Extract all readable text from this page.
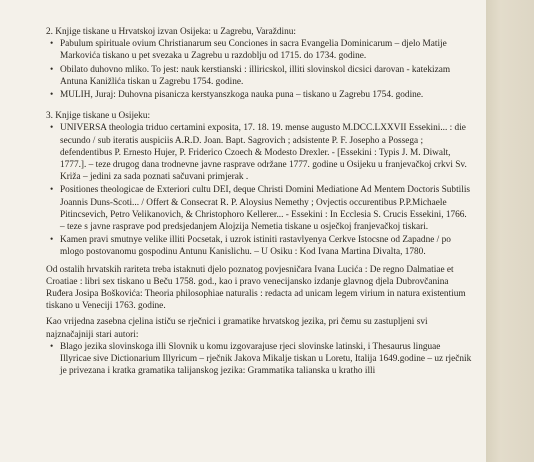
2. Knjige tiskane u Hrvatskoj izvan Osijeka: u Zagrebu, Varaždinu:

• Pabulum spirituale ovium Christianarum seu Conciones in sacra Evangelia Dominicarum – djelo Matije Markovića tiskano u pet svezaka u Zagrebu u razdoblju od 1715. do 1734. godine.
• Obilato duhovno mliko. To jest: nauk kerstianski : illiricskol, illiti slovinskol dicsici darovan - katekizam Antuna Kanižlića tiskan u Zagrebu 1754. godine.
• MULIH, Juraj: Duhovna pisanicza kerstyanszkoga nauka puna – tiskano u Zagrebu 1754. godine.

3. Knjige tiskane u Osijeku:

• UNIVERSA theologia triduo certamini exposita, 17. 18. 19. mense augusto M.DCC.LXXVII Essekini... : die secundo / sub iteratis auspiciis A.R.D. Joan. Bapt. Sagrovich ; adsistente P. F. Josepho a Possega ; defendentibus P. Ernesto Hujer, P. Friderico Czoech & Modesto Drexler. - [Essekini : Typis J. M. Diwalt, 1777.]. – teze drugog dana trodnevne javne rasprave održane 1777. godine u Osijeku u franjevačkoj crkvi Sv. Križa – jedini za sada poznati sačuvani primjerak .
• Positiones theologicae de Exteriori cultu DEI, deque Christi Domini Mediatione Ad Mentem Doctoris Subtilis Joannis Duns-Scoti... / Offert & Consecrat R. P. Aloysius Nemethy ; Ovjectis occurentibus P.P.Michaele Pitincsevich, Petro Velikanovich, & Christophoro Kellerer... - Essekini : In Ecclesia S. Crucis Essekini, 1766. – teze s javne rasprave pod predsjedanjem Alojzija Nemetia tiskane u osječkoj franjevačkoj tiskari.
• Kamen pravi smutnye velike illiti Pocsetak, i uzrok istiniti rastavlyenya Cerkve Istocsne od Zapadne / po mlogo postovanomu gospodinu Antunu Kanislichu. – U Osiku : Kod Ivana Martina Divalta, 1780.

Od ostalih hrvatskih rariteta treba istaknuti djelo poznatog povjesničara Ivana Lucića : De regno Dalmatiae et Croatiae : libri sex tiskano u Beču 1758. god., kao i pravo venecijansko izdanje glavnog djela Dubrovčanina Ruđera Josipa Boškovića: Theoria philosophiae naturalis : redacta ad unicam legem virium in natura existentium tiskano u Veneciji 1763. godine.

Kao vrijedna zasebna cjelina ističu se rječnici i gramatike hrvatskog jezika, pri čemu su zastupljeni svi najznačajniji stari autori:

• Blago jezika slovinskoga illi Slovnik u komu izgovarajuse rjeci slovinske latinski, i Thesaurus linguae Illyricae sive Dictionarium Illyricum – rječnik Jakova Mikalje tiskan u Loretu, Italija 1649.godine – uz rječnik je privezana i kratka gramatika talijanskog jezika: Grammatika talianska u kratho illi
